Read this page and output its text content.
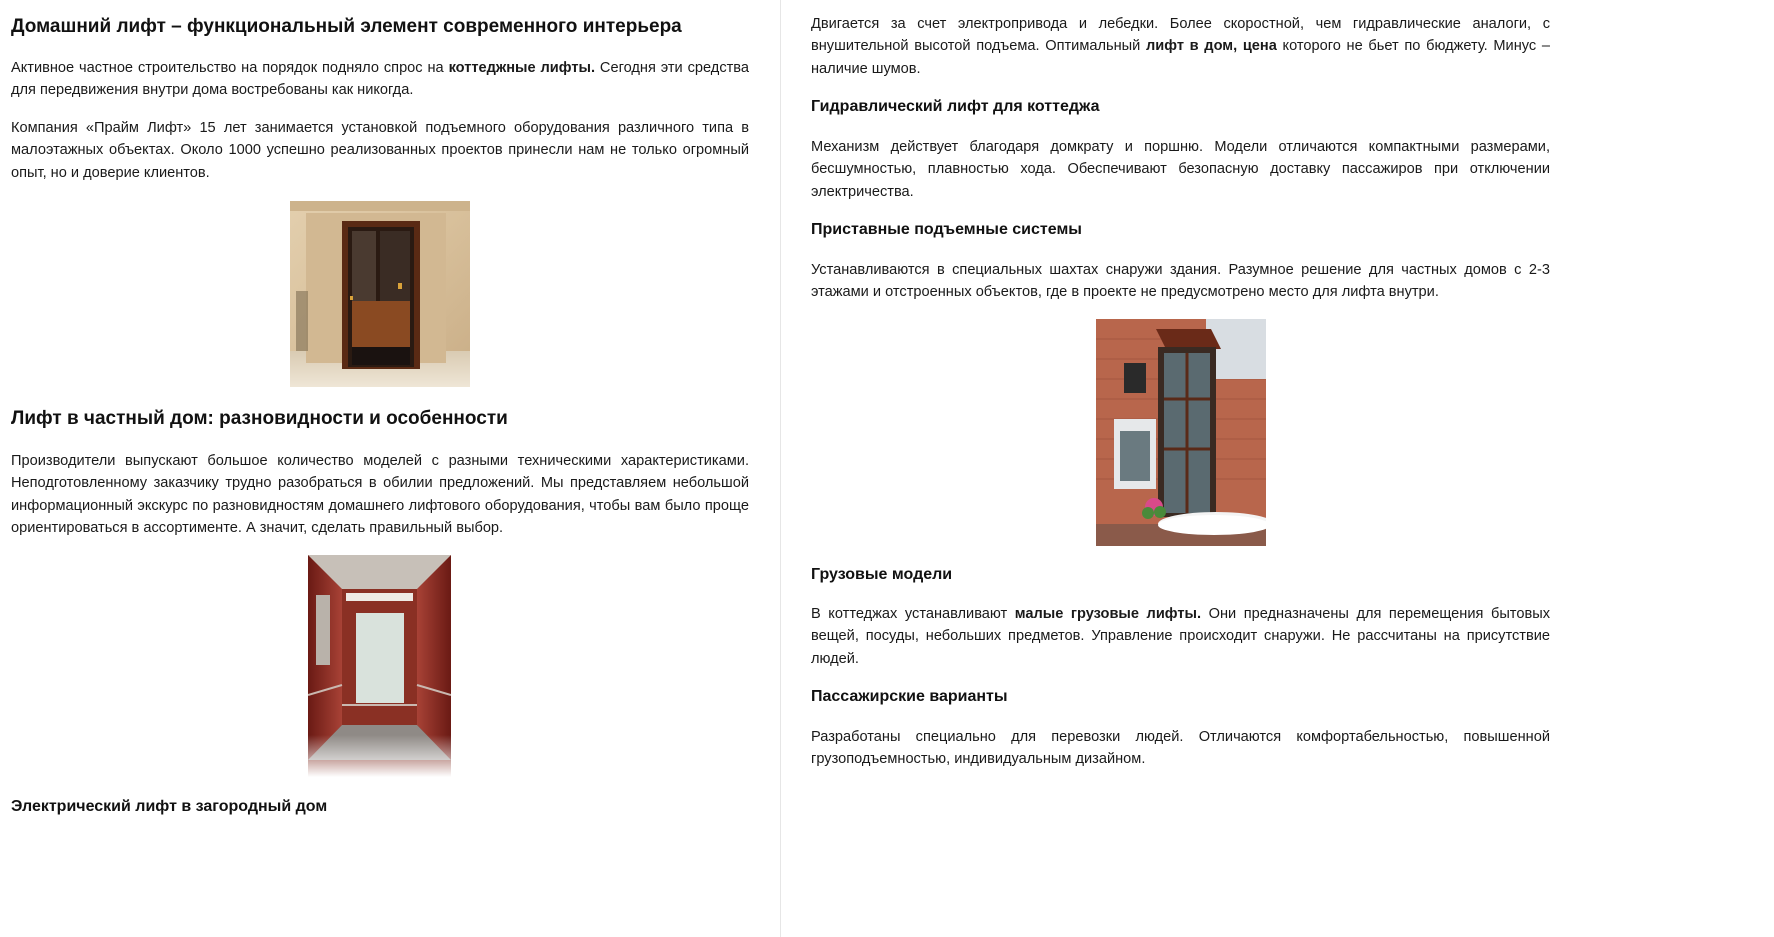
Домашний лифт – функциональный элемент современного интерьера

Активное частное строительство на порядок подняло спрос на коттеджные лифты. Сегодня эти средства для передвижения внутри дома востребованы как никогда.

Компания «Прайм Лифт» 15 лет занимается установкой подъемного оборудования различного типа в малоэтажных объектах. Около 1000 успешно реализованных проектов принесли нам не только огромный опыт, но и доверие клиентов.

Лифт в частный дом: разновидности и особенности

Производители выпускают большое количество моделей с разными техническими характеристиками. Неподготовленному заказчику трудно разобраться в обилии предложений. Мы представляем небольшой информационный экскурс по разновидностям домашнего лифтового оборудования, чтобы вам было проще ориентироваться в ассортименте. А значит, сделать правильный выбор.

Электрический лифт в загородный дом

Двигается за счет электропривода и лебедки. Более скоростной, чем гидравлические аналоги, с внушительной высотой подъема. Оптимальный лифт в дом, цена которого не бьет по бюджету. Минус – наличие шумов.

Гидравлический лифт для коттеджа

Механизм действует благодаря домкрату и поршню. Модели отличаются компактными размерами, бесшумностью, плавностью хода. Обеспечивают безопасную доставку пассажиров при отключении электричества.

Приставные подъемные системы

Устанавливаются в специальных шахтах снаружи здания. Разумное решение для частных домов с 2-3 этажами и отстроенных объектов, где в проекте не предусмотрено место для лифта внутри.

Грузовые модели

В коттеджах устанавливают малые грузовые лифты. Они предназначены для перемещения бытовых вещей, посуды, небольших предметов. Управление происходит снаружи. Не рассчитаны на присутствие людей.

Пассажирские варианты

Разработаны специально для перевозки людей. Отличаются комфортабельностью, повышенной грузоподъемностью, индивидуальным дизайном.
